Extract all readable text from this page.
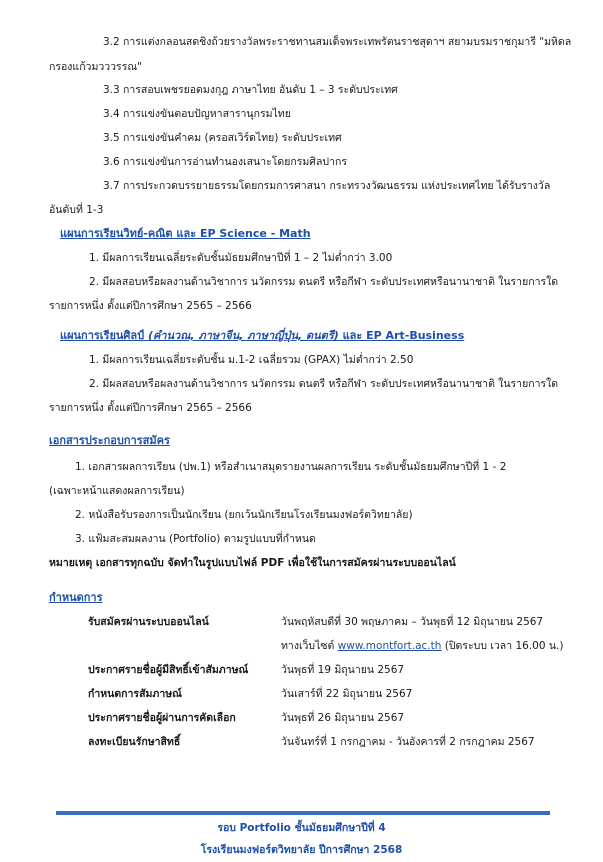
3.2 การแต่งกลอนสดชิงถ้วยรางวัลพระราชทานสมเด็จพระเทพรัตนราชสุดาฯ สยามบรมราชกุมารี "มหิดล
กรองแก้วมวววรรณ"
3.3 การสอบเพชรยอดมงกุฎ ภาษาไทย อันดับ 1 – 3 ระดับประเทศ
3.4 การแข่งขันตอบปัญหาสารานุกรมไทย
3.5 การแข่งขันคำคม (ครอสเวิร์ดไทย) ระดับประเทศ
3.6 การแข่งขันการอ่านทำนองเสนาะโดยกรมศิลปากร
3.7 การประกวดบรรยายธรรมโดยกรมการศาสนา กระทรวงวัฒนธรรม แห่งประเทศไทย ได้รับรางวัล
อันดับที่ 1-3
แผนการเรียนวิทย์-คณิต และ EP Science - Math
1. มีผลการเรียนเฉลี่ยระดับชั้นมัธยมศึกษาปีที่ 1 – 2 ไม่ต่ำกว่า 3.00
2. มีผลสอบหรือผลงานด้านวิชาการ นวัตกรรม ดนตรี หรือกีฬา ระดับประเทศหรือนานาชาติ ในรายการใด
รายการหนึ่ง ตั้งแต่ปีการศึกษา 2565 – 2566
แผนการเรียนศิลป์ (คำนวณ, ภาษาจีน, ภาษาญี่ปุ่น, ดนตรี) และ EP Art-Business
1. มีผลการเรียนเฉลี่ยระดับชั้น ม.1-2 เฉลี่ยรวม (GPAX) ไม่ต่ำกว่า 2.50
2. มีผลสอบหรือผลงานด้านวิชาการ นวัตกรรม ดนตรี หรือกีฬา ระดับประเทศหรือนานาชาติ ในรายการใด
รายการหนึ่ง ตั้งแต่ปีการศึกษา 2565 – 2566
เอกสารประกอบการสมัคร
1. เอกสารผลการเรียน (ปพ.1) หรือสำเนาสมุดรายงานผลการเรียน ระดับชั้นมัธยมศึกษาปีที่ 1 - 2
(เฉพาะหน้าแสดงผลการเรียน)
2. หนังสือรับรองการเป็นนักเรียน (ยกเว้นนักเรียนโรงเรียนมงฟอร์ตวิทยาลัย)
3. แฟ้มสะสมผลงาน (Portfolio) ตามรูปแบบที่กำหนด
หมายเหตุ เอกสารทุกฉบับ จัดทำในรูปแบบไฟล์ PDF เพื่อใช้ในการสมัครผ่านระบบออนไลน์
กำหนดการ
รับสมัครผ่านระบบออนไลน์	วันพฤหัสบดีที่ 30 พฤษภาคม – วันพุธที่ 12 มิถุนายน 2567
ทางเว็บไซต์ www.montfort.ac.th (ปิดระบบ เวลา 16.00 น.)
ประกาศรายชื่อผู้มีสิทธิ์เข้าสัมภาษณ์	วันพุธที่ 19 มิถุนายน 2567
กำหนดการสัมภาษณ์	วันเสาร์ที่ 22 มิถุนายน 2567
ประกาศรายชื่อผู้ผ่านการคัดเลือก	วันพุธที่ 26 มิถุนายน 2567
ลงทะเบียนรักษาสิทธิ์	วันจันทร์ที่ 1 กรกฎาคม - วันอังคารที่ 2 กรกฎาคม 2567
รอบ Portfolio ชั้นมัธยมศึกษาปีที่ 4
โรงเรียนมงฟอร์ตวิทยาลัย ปีการศึกษา 2568
